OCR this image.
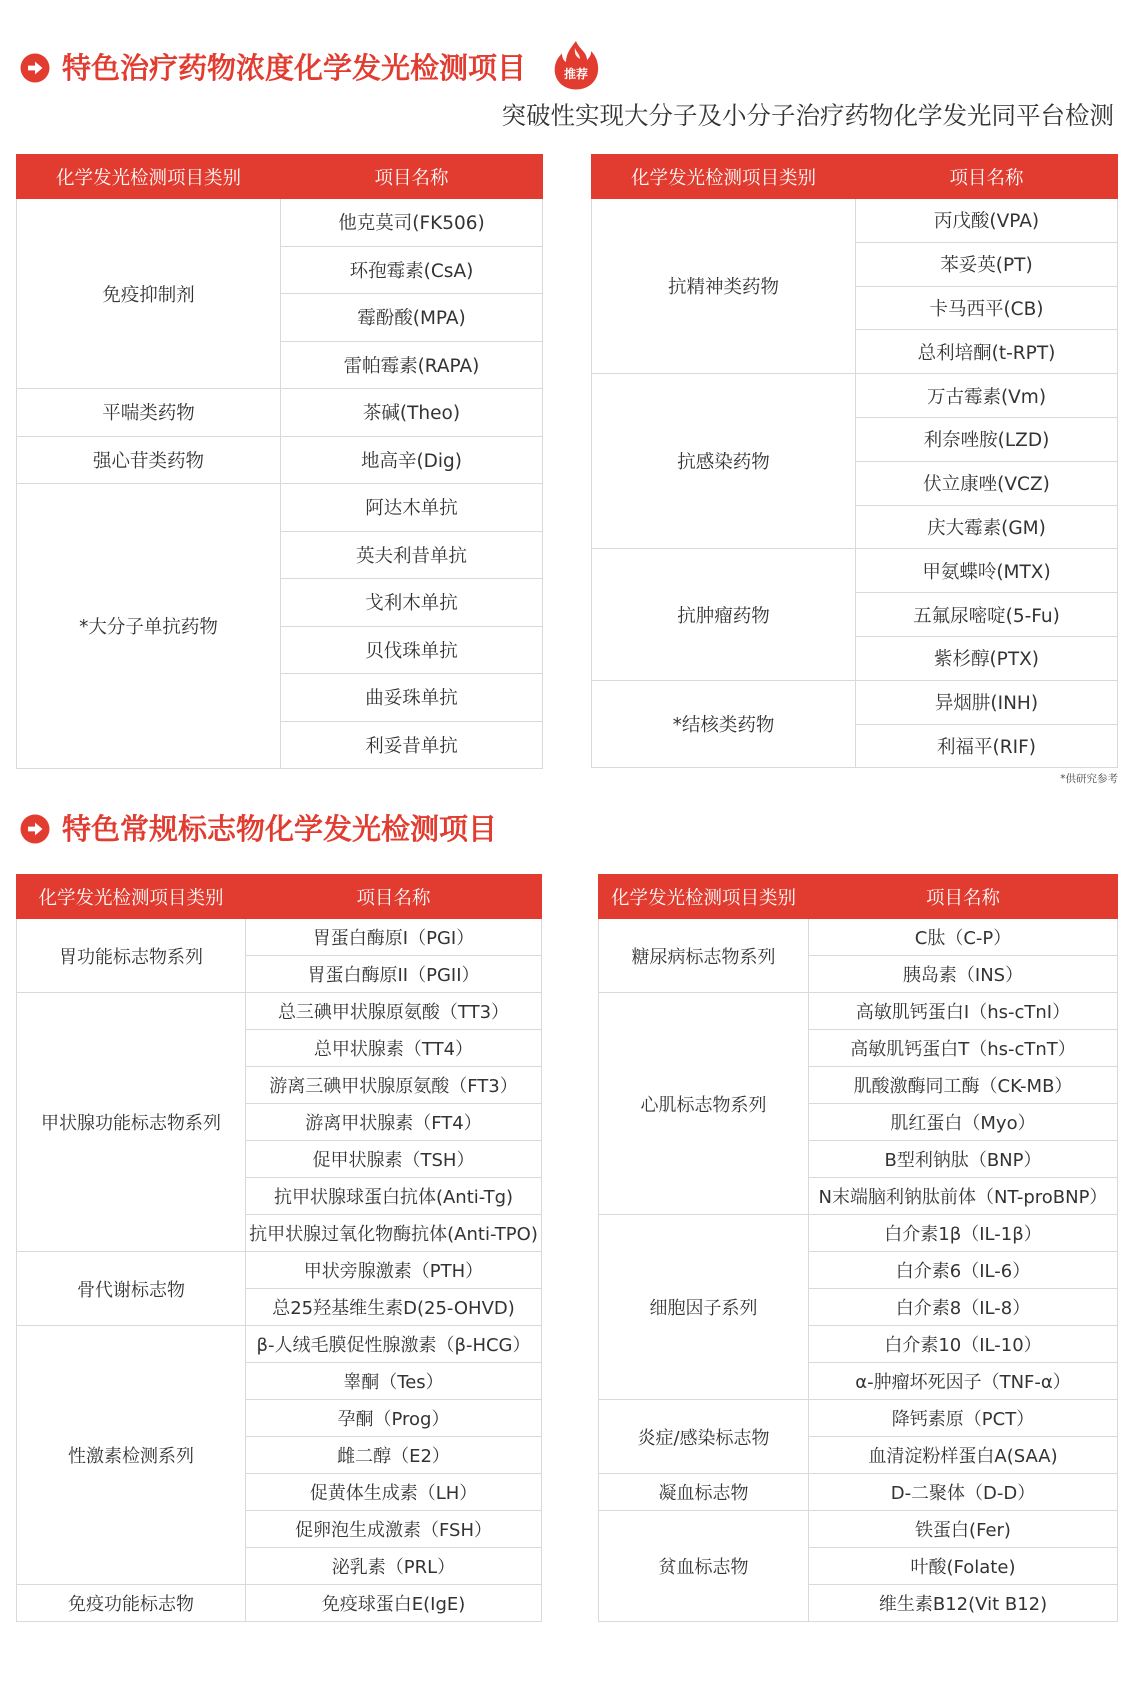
特色治疗药物浓度化学发光检测项目	推荐
突破性实现大分子及小分子治疗药物化学发光同平台检测
化学发光检测项目类别	项目名称
免疫抑制剂	他克莫司(FK506)
	环孢霉素(CsA)
	霉酚酸(MPA)
	雷帕霉素(RAPA)
平喘类药物	茶碱(Theo)
强心苷类药物	地高辛(Dig)
*大分子单抗药物	阿达木单抗
	英夫利昔单抗
	戈利木单抗
	贝伐珠单抗
	曲妥珠单抗
	利妥昔单抗
化学发光检测项目类别	项目名称
抗精神类药物	丙戊酸(VPA)
	苯妥英(PT)
	卡马西平(CB)
	总利培酮(t-RPT)
抗感染药物	万古霉素(Vm)
	利奈唑胺(LZD)
	伏立康唑(VCZ)
	庆大霉素(GM)
抗肿瘤药物	甲氨蝶呤(MTX)
	五氟尿嘧啶(5-Fu)
	紫杉醇(PTX)
*结核类药物	异烟肼(INH)
	利福平(RIF)
*供研究参考
特色常规标志物化学发光检测项目
化学发光检测项目类别	项目名称
胃功能标志物系列	胃蛋白酶原I（PGI）
	胃蛋白酶原II（PGII）
甲状腺功能标志物系列	总三碘甲状腺原氨酸（TT3）
	总甲状腺素（TT4）
	游离三碘甲状腺原氨酸（FT3）
	游离甲状腺素（FT4）
	促甲状腺素（TSH）
	抗甲状腺球蛋白抗体(Anti-Tg)
	抗甲状腺过氧化物酶抗体(Anti-TPO)
骨代谢标志物	甲状旁腺激素（PTH）
	总25羟基维生素D(25-OHVD)
性激素检测系列	β-人绒毛膜促性腺激素（β-HCG）
	睾酮（Tes）
	孕酮（Prog）
	雌二醇（E2）
	促黄体生成素（LH）
	促卵泡生成激素（FSH）
	泌乳素（PRL）
免疫功能标志物	免疫球蛋白E(IgE)
化学发光检测项目类别	项目名称
糖尿病标志物系列	C肽（C-P）
	胰岛素（INS）
心肌标志物系列	高敏肌钙蛋白I（hs-cTnI）
	高敏肌钙蛋白T（hs-cTnT）
	肌酸激酶同工酶（CK-MB）
	肌红蛋白（Myo）
	B型利钠肽（BNP）
	N末端脑利钠肽前体（NT-proBNP）
细胞因子系列	白介素1β（IL-1β）
	白介素6（IL-6）
	白介素8（IL-8）
	白介素10（IL-10）
	α-肿瘤坏死因子（TNF-α）
炎症/感染标志物	降钙素原（PCT）
	血清淀粉样蛋白A(SAA)
凝血标志物	D-二聚体（D-D）
贫血标志物	铁蛋白(Fer)
	叶酸(Folate)
	维生素B12(Vit B12)
